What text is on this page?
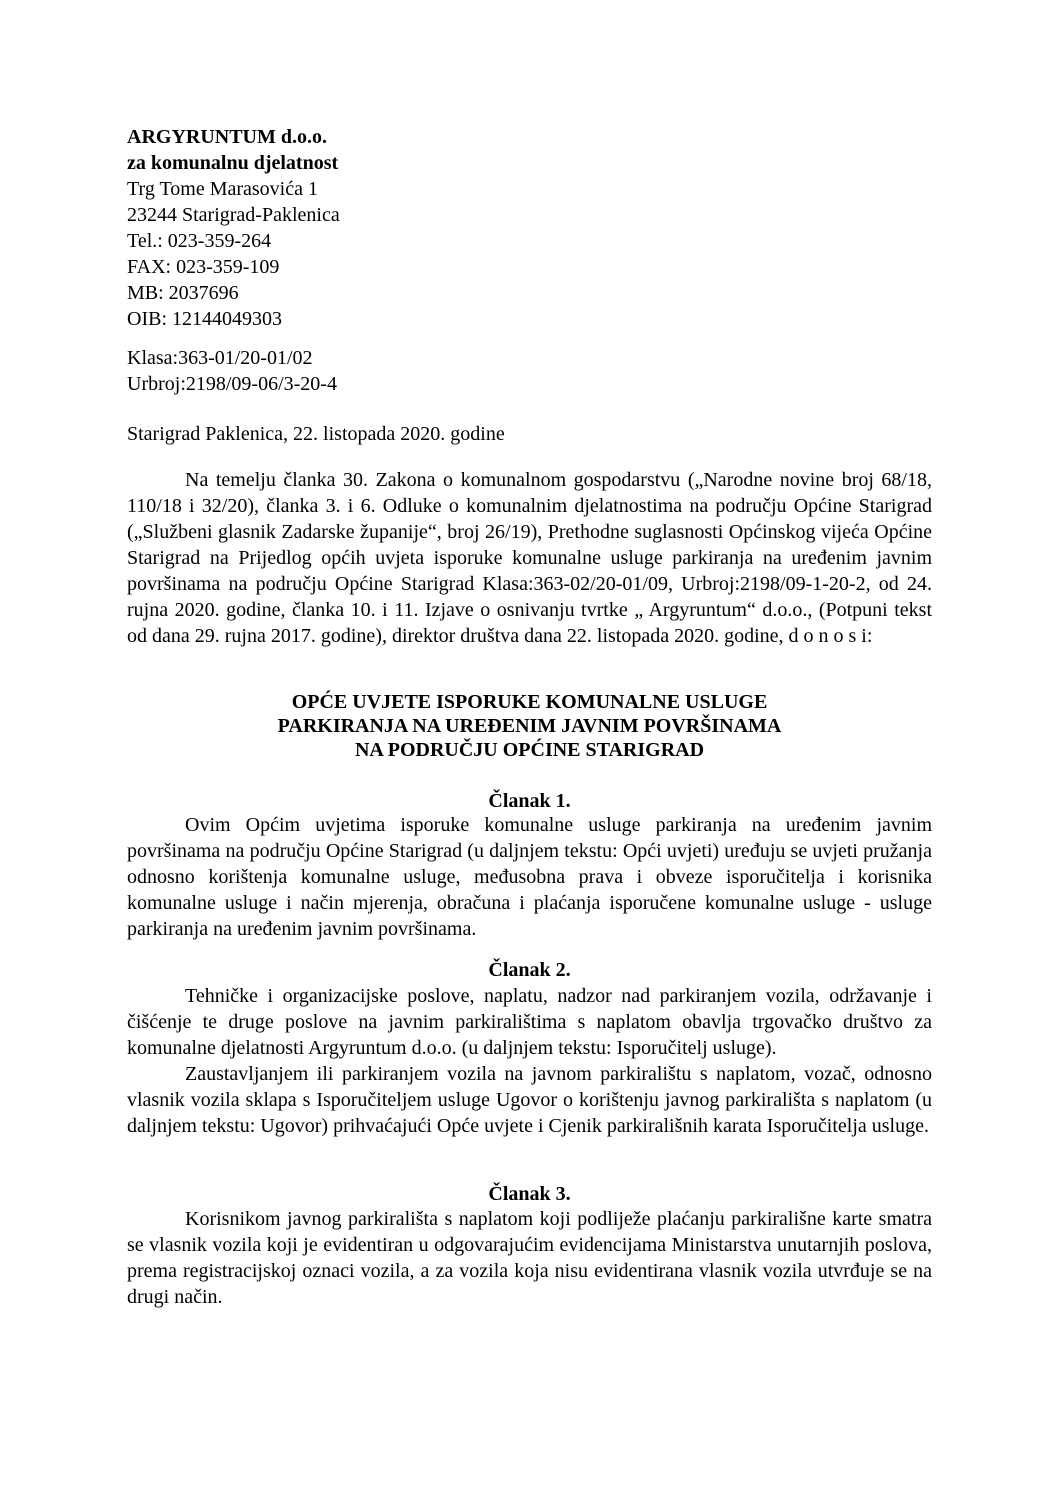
ARGYRUNTUM d.o.o.
za komunalnu djelatnost
Trg Tome Marasovića 1
23244 Starigrad-Paklenica
Tel.: 023-359-264
FAX: 023-359-109
MB: 2037696
OIB: 12144049303
Klasa:363-01/20-01/02
Urbroj:2198/09-06/3-20-4
Starigrad Paklenica, 22. listopada 2020. godine
Na temelju članka 30. Zakona o komunalnom gospodarstvu („Narodne novine broj 68/18, 110/18 i 32/20), članka 3. i 6. Odluke o komunalnim djelatnostima na području Općine Starigrad („Službeni glasnik Zadarske županije“, broj 26/19), Prethodne suglasnosti Općinskog vijeća Općine Starigrad na Prijedlog općih uvjeta isporuke komunalne usluge parkiranja na uređenim javnim površinama na području Općine Starigrad Klasa:363-02/20-01/09, Urbroj:2198/09-1-20-2, od 24. rujna 2020. godine, članka 10. i 11. Izjave o osnivanju tvrtke „ Argyruntum“ d.o.o., (Potpuni tekst od dana 29. rujna 2017. godine), direktor društva dana 22. listopada 2020. godine, d o n o s i:
OPĆE UVJETE ISPORUKE KOMUNALNE USLUGE
PARKIRANJA NA UREĐENIM JAVNIM POVRŠINAMA
NA PODRUČJU OPĆINE STARIGRAD
Članak 1.
Ovim Općim uvjetima isporuke komunalne usluge parkiranja na uređenim javnim površinama na području Općine Starigrad (u daljnjem tekstu: Opći uvjeti) uređuju se uvjeti pružanja odnosno korištenja komunalne usluge, međusobna prava i obveze isporučitelja i korisnika komunalne usluge i način mjerenja, obračuna i plaćanja isporučene komunalne usluge - usluge parkiranja na uređenim javnim površinama.
Članak 2.
Tehničke i organizacijske poslove, naplatu, nadzor nad parkiranjem vozila, održavanje i čišćenje te druge poslove na javnim parkiralištima s naplatom obavlja trgovačko društvo za komunalne djelatnosti Argyruntum d.o.o. (u daljnjem tekstu: Isporučitelj usluge).
Zaustavljanjem ili parkiranjem vozila na javnom parkiralištu s naplatom, vozač, odnosno vlasnik vozila sklapa s Isporučiteljem usluge Ugovor o korištenju javnog parkirališta s naplatom (u daljnjem tekstu: Ugovor) prihvaćajući Opće uvjete i Cjenik parkirališnih karata Isporučitelja usluge.
Članak 3.
Korisnikom javnog parkirališta s naplatom koji podliježe plaćanju parkirališne karte smatra se vlasnik vozila koji je evidentiran u odgovarajućim evidencijama Ministarstva unutarnjih poslova, prema registracijskoj oznaci vozila, a za vozila koja nisu evidentirana vlasnik vozila utvrđuje se na drugi način.
